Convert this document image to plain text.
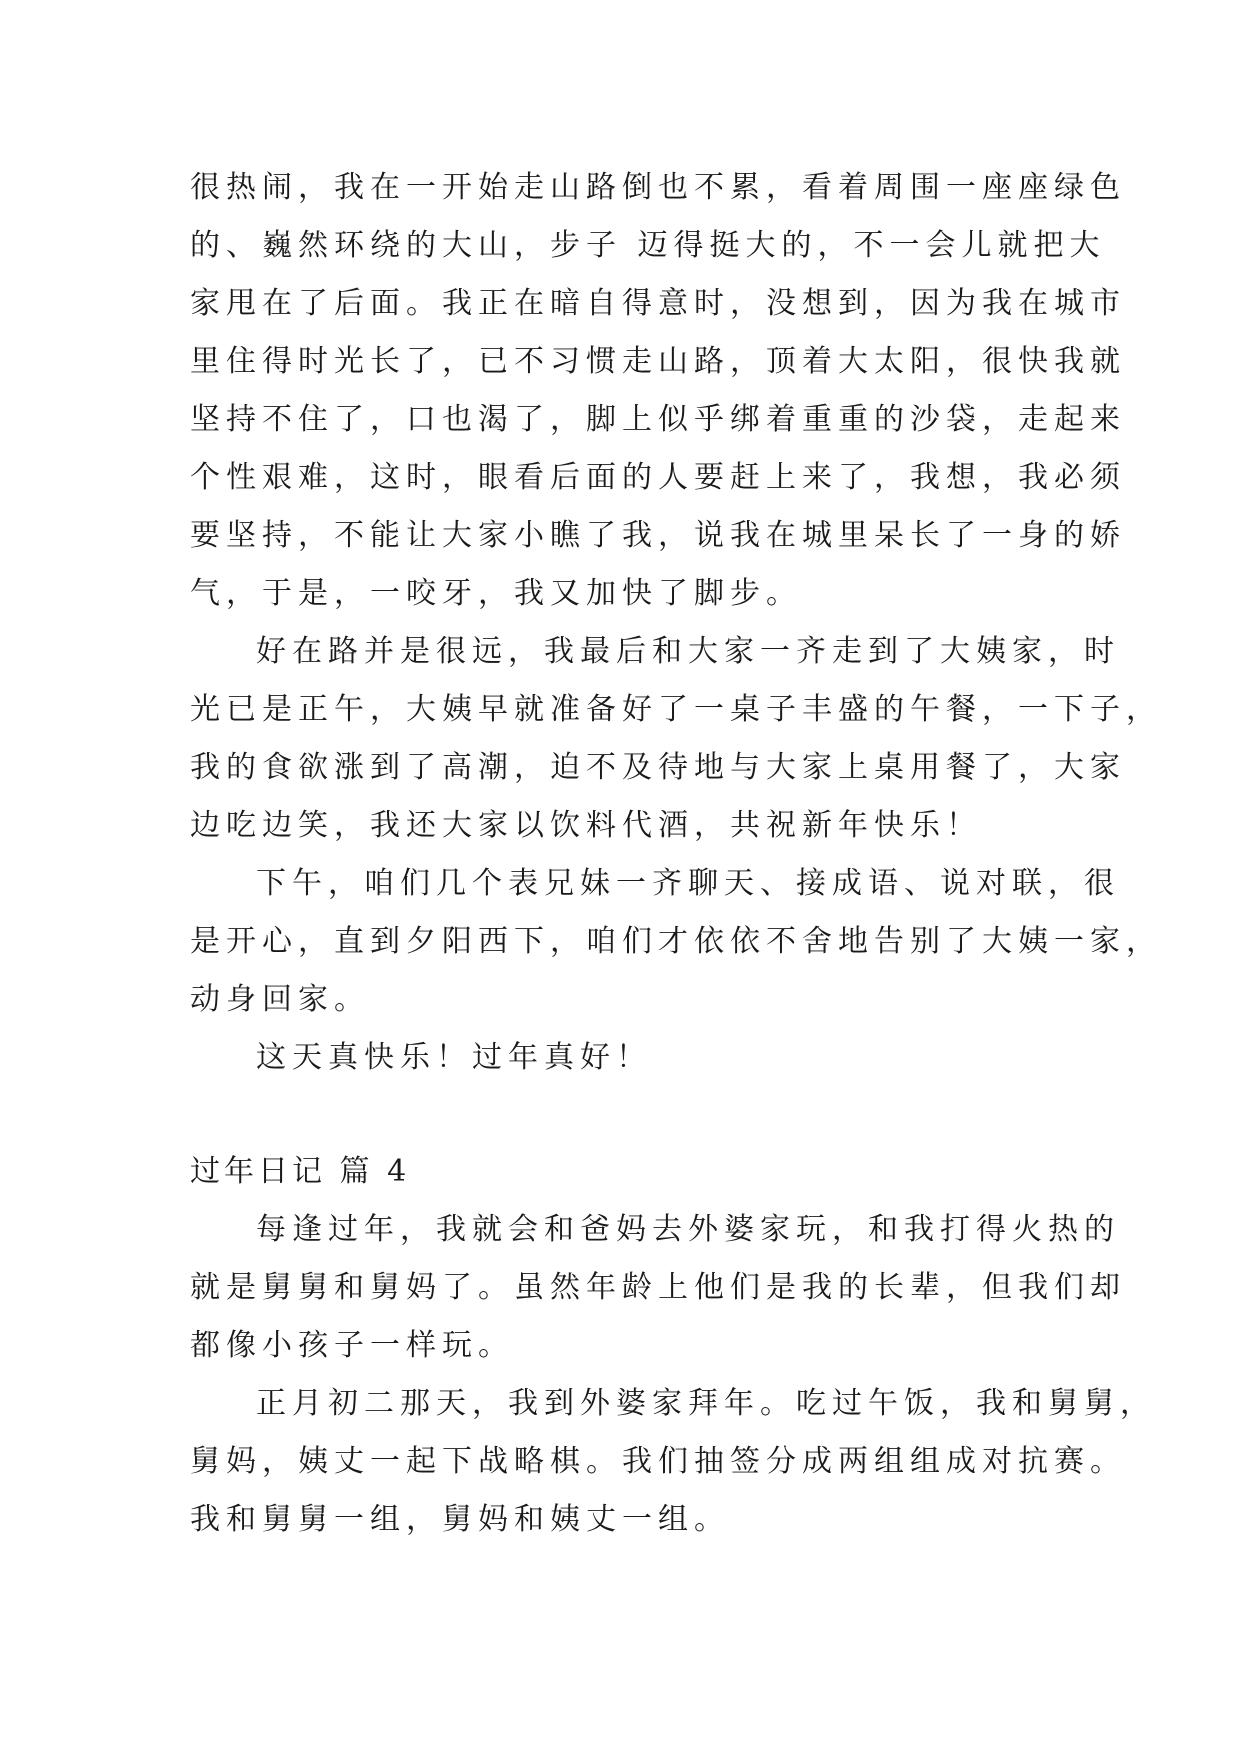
很热闹，我在一开始走山路倒也不累，看着周围一座座绿色
的、巍然环绕的大山，步子 迈得挺大的，不一会儿就把大
家甩在了后面。我正在暗自得意时，没想到，因为我在城市
里住得时光长了，已不习惯走山路，顶着大太阳，很快我就
坚持不住了，口也渴了，脚上似乎绑着重重的沙袋，走起来
个性艰难，这时，眼看后面的人要赶上来了，我想，我必须
要坚持，不能让大家小瞧了我，说我在城里呆长了一身的娇
气，于是，一咬牙，我又加快了脚步。
好在路并是很远，我最后和大家一齐走到了大姨家，时
光已是正午，大姨早就准备好了一桌子丰盛的午餐，一下子，
我的食欲涨到了高潮，迫不及待地与大家上桌用餐了，大家
边吃边笑，我还大家以饮料代酒，共祝新年快乐！
下午，咱们几个表兄妹一齐聊天、接成语、说对联，很
是开心，直到夕阳西下，咱们才依依不舍地告别了大姨一家，
动身回家。
这天真快乐！过年真好！
过年日记 篇 4
每逢过年，我就会和爸妈去外婆家玩，和我打得火热的
就是舅舅和舅妈了。虽然年龄上他们是我的长辈，但我们却
都像小孩子一样玩。
正月初二那天，我到外婆家拜年。吃过午饭，我和舅舅，
舅妈，姨丈一起下战略棋。我们抽签分成两组组成对抗赛。
我和舅舅一组，舅妈和姨丈一组。
